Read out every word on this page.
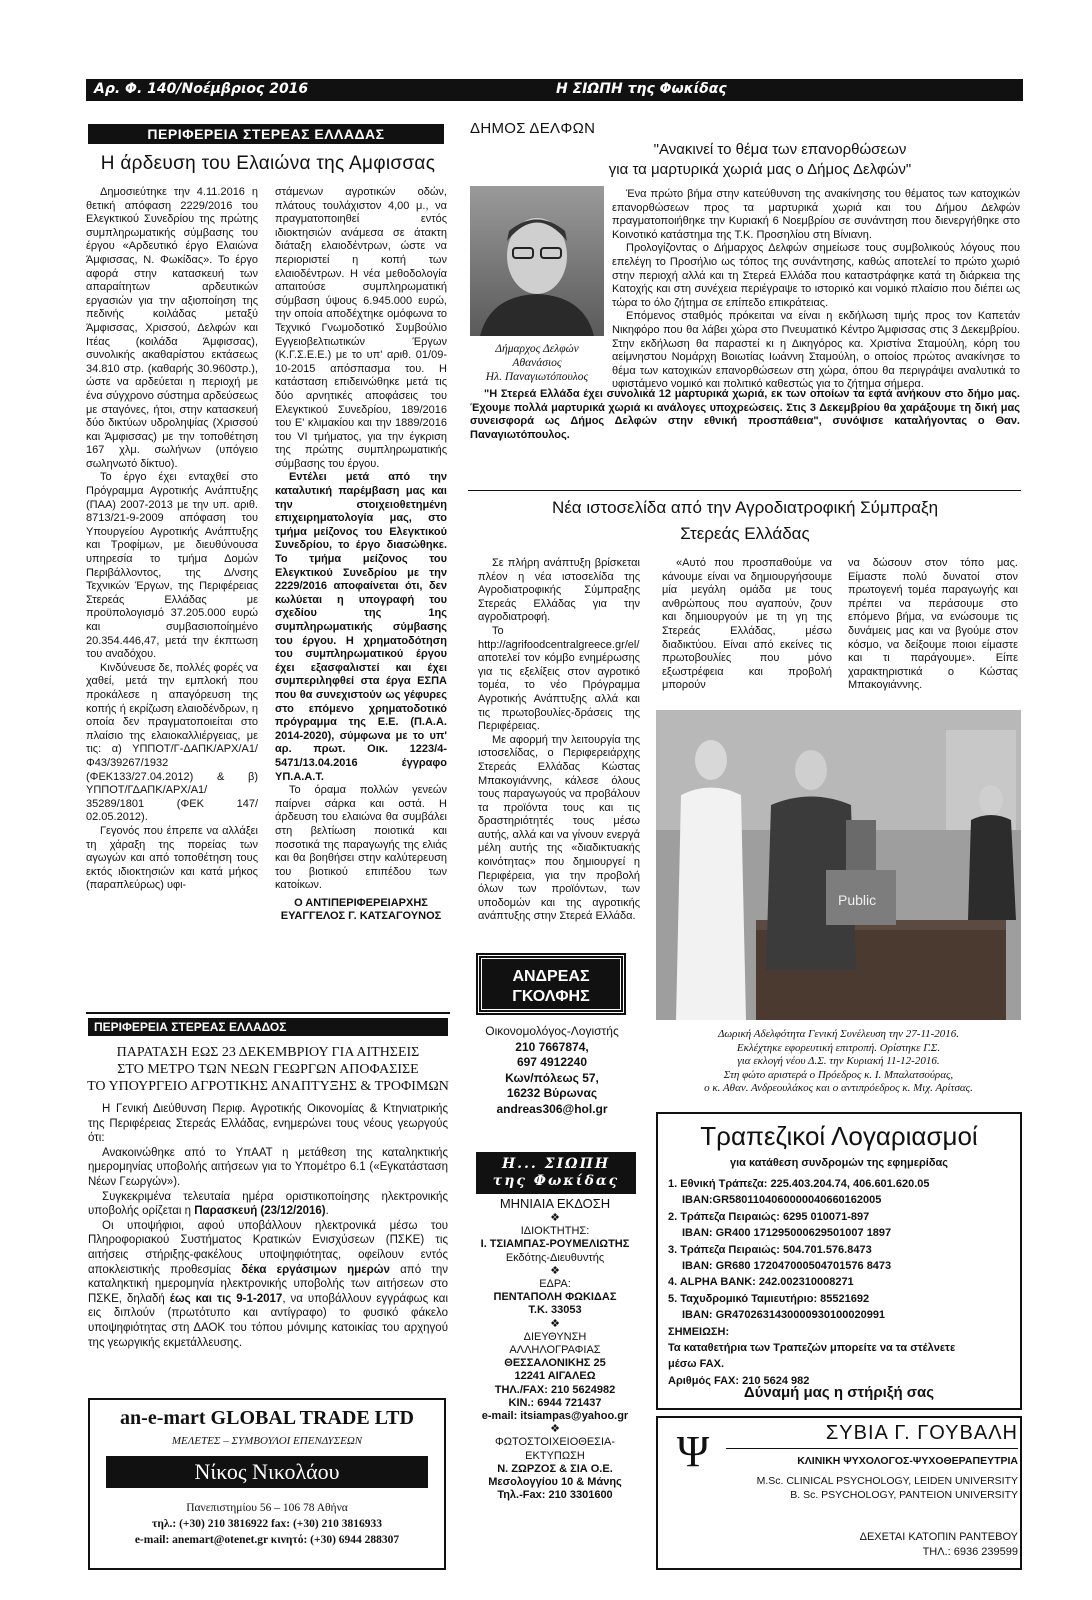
Αρ. Φ. 140/Νοέμβριος 2016	Η ΣΙΩΠΗ της Φωκίδας	5
ΠΕΡΙΦΕΡΕΙΑ ΣΤΕΡΕΑΣ ΕΛΛΑΔΑΣ
Η άρδευση του Ελαιώνα της Αμφισσας

Δημοσιεύτηκε την 4.11.2016 η θετική απόφαση 2229/2016 του Ελεγκτικού Συνεδρίου της πρώτης συμπληρωματικής σύμβασης του έργου «Αρδευτικό έργο Ελαιώνα Άμφισσας, Ν. Φωκίδας». Το έργο αφορά στην κατασκευή των απαραίτητων αρδευτικών εργασιών για την αξιοποίηση της πεδινής κοιλάδας μεταξύ Άμφισσας, Χρισσού, Δελφών και Ιτέας (κοιλάδα Άμφισσας), συνολικής ακαθαρίστου εκτάσεως 34.810 στρ. (καθαρής 30.960στρ.), ώστε να αρδεύεται η περιοχή με ένα σύγχρονο σύστημα αρδεύσεως με σταγόνες, ήτοι, στην κατασκευή δύο δικτύων υδροληψίας (Χρισσού και Άμφισσας) με την τοποθέτηση 167 χλμ. σωλήνων (υπόγειο σωληνωτό δίκτυο).

Το έργο έχει ενταχθεί στο Πρόγραμμα Αγροτικής Ανάπτυξης (ΠΑΑ) 2007-2013 με την υπ. αριθ. 8713/21-9-2009 απόφαση του Υπουργείου Αγροτικής Ανάπτυξης και Τροφίμων, με διευθύνουσα υπηρεσία το τμήμα Δομών Περιβάλλοντος, της Δ/νσης Τεχνικών Έργων, της Περιφέρειας Στερεάς Ελλάδας με προϋπολογισμό 37.205.000 ευρώ και συμβασιοποίημένο 20.354.446,47, μετά την έκπτωση του αναδόχου.

Κινδύνευσε δε, πολλές φορές να χαθεί, μετά την εμπλοκή που προκάλεσε η απαγόρευση της κοπής ή εκρίζωση ελαιοδένδρων, η οποία δεν πραγματοποιείται στο πλαίσιο της ελαιοκαλλιέργειας, με τις: α) ΥΠΠΟΤ/Γ-ΔΑΠΚ/ΑΡΧ/Α1/Φ43/39267/1932 (ΦΕΚ133/27.04.2012) & β) ΥΠΠΟΤ/ΓΔΑΠΚ/ΑΡΧ/Α1/ 35289/1801 (ΦΕΚ 147/ 02.05.2012).

Γεγονός που έπρεπε να αλλάξει τη χάραξη της πορείας των αγωγών και από τοποθέτηση τους εκτός ιδιοκτησιών και κατά μήκος (παραπλεύρως) υφι-

στάμενων αγροτικών οδών, πλάτους τουλάχιστον 4,00 μ., να πραγματοποιηθεί εντός ιδιοκτησιών ανάμεσα σε άτακτη διάταξη ελαιοδέντρων, ώστε να περιοριστεί η κοπή των ελαιοδέντρων. Η νέα μεθοδολογία απαιτούσε συμπληρωματική σύμβαση ύψους 6.945.000 ευρώ, την οποία αποδέχτηκε ομόφωνα το Τεχνικό Γνωμοδοτικό Συμβούλιο Εγγειοβελτιωτικών Έργων (Κ.Γ.Σ.Ε.Ε.) με το υπ' αριθ. 01/09-10-2015 απόσπασμα του. Η κατάσταση επιδεινώθηκε μετά τις δύο αρνητικές αποφάσεις του Ελεγκτικού Συνεδρίου, 189/2016 του Ε' κλιμακίου και την 1889/2016 του VI τμήματος, για την έγκριση της πρώτης συμπληρωματικής σύμβασης του έργου.

Εντέλει μετά από την καταλυτική παρέμβαση μας και την στοιχειοθετημένη επιχειρηματολογία μας, στο τμήμα μείζονος του Ελεγκτικού Συνεδρίου, το έργο διασώθηκε. Το τμήμα μείζονος του Ελεγκτικού Συνεδρίου με την 2229/2016 αποφαίνεται ότι, δεν κωλύεται η υπογραφή του σχεδίου της 1ης συμπληρωματικής σύμβασης του έργου. Η χρηματοδότηση του συμπληρωματικού έργου έχει εξασφαλιστεί και έχει συμπεριληφθεί στα έργα ΕΣΠΑ που θα συνεχιστούν ως γέφυρες στο επόμενο χρηματοδοτικό πρόγραμμα της Ε.Ε. (Π.Α.Α. 2014-2020), σύμφωνα με το υπ' αρ. πρωτ. Οικ. 1223/4-5471/13.04.2016 έγγραφο ΥΠ.Α.Α.Τ.

Το όραμα πολλών γενεών παίρνει σάρκα και οστά. Η άρδευση του ελαιώνα θα συμβάλει στη βελτίωση ποιοτικά και ποσοτικά της παραγωγής της ελιάς και θα βοηθήσει στην καλύτερευση του βιοτικού επιπέδου των κατοίκων.

Ο ΑΝΤΙΠΕΡΙΦΕΡΕΙΑΡΧΗΣ

ΕΥΑΓΓΕΛΟΣ Γ. ΚΑΤΣΑΓΟΥΝΟΣ

ΔΗΜΟΣ ΔΕΛΦΩΝ
"Ανακινεί το θέμα των επανορθώσεων
για τα μαρτυρικά χωριά μας ο Δήμος Δελφών"
Δήμαρχος Δελφών
Αθανάσιος
Ηλ. Παναγιωτόπουλος

Ένα πρώτο βήμα στην κατεύθυνση της ανακίνησης του θέματος των κατοχικών επανορθώσεων προς τα μαρτυρικά χωριά και του Δήμου Δελφών πραγματοποιήθηκε την Κυριακή 6 Νοεμβρίου σε συνάντηση που διενεργήθηκε στο Κοινοτικό κατάστημα της Τ.Κ. Προσηλίου στη Βίνιανη.

Προλογίζοντας ο Δήμαρχος Δελφών σημείωσε τους συμβολικούς λόγους που επελέγη το Προσήλιο ως τόπος της συνάντησης, καθώς αποτελεί το πρώτο χωριό στην περιοχή αλλά και τη Στερεά Ελλάδα που καταστράφηκε κατά τη διάρκεια της Κατοχής και στη συνέχεια περιέγραψε το ιστορικό και νομικό πλαίσιο που διέπει ως τώρα το όλο ζήτημα σε επίπεδο επικράτειας.

Επόμενος σταθμός πρόκειται να είναι η εκδήλωση τιμής προς τον Καπετάν Νικηφόρο που θα λάβει χώρα στο Πνευματικό Κέντρο Άμφισσας στις 3 Δεκεμβρίου. Στην εκδήλωση θα παραστεί κι η Δικηγόρος κα. Χριστίνα Σταμούλη, κόρη του αείμνηστου Νομάρχη Βοιωτίας Ιωάννη Σταμούλη, ο οποίος πρώτος ανακίνησε το θέμα των κατοχικών επανορθώσεων στη χώρα, όπου θα περιγράψει αναλυτικά το υφιστάμενο νομικό και πολιτικό καθεστώς για το ζήτημα σήμερα.

"Η Στερεά Ελλάδα έχει συνολικά 12 μαρτυρικά χωριά, εκ των οποίων τα εφτά ανήκουν στο δήμο μας. Έχουμε πολλά μαρτυρικά χωριά κι ανάλογες υποχρεώσεις. Στις 3 Δεκεμβρίου θα χαράξουμε τη δική μας συνεισφορά ως Δήμος Δελφών στην εθνική προσπάθεια", συνόψισε καταλήγοντας ο Θαν. Παναγιωτόπουλος.

Νέα ιστοσελίδα από την Αγροδιατροφική Σύμπραξη
Στερεάς Ελλάδας

Σε πλήρη ανάπτυξη βρίσκεται πλέον η νέα ιστοσελίδα της Αγροδιατροφικής Σύμπραξης Στερεάς Ελλάδας για την αγροδιατροφή.

Το http://agrifoodcentralgreece.gr/el/ αποτελεί τον κόμβο ενημέρωσης για τις εξελίξεις στον αγροτικό τομέα, το νέο Πρόγραμμα Αγροτικής Ανάπτυξης αλλά και τις πρωτοβουλίες-δράσεις της Περιφέρειας.

Με αφορμή την λειτουργία της ιστοσελίδας, ο Περιφερειάρχης Στερεάς Ελλάδας Κώστας Μπακογιάννης, κάλεσε όλους τους παραγωγούς να προβάλουν τα προϊόντα τους και τις δραστηριότητές τους μέσω αυτής, αλλά και να γίνουν ενεργά μέλη αυτής της «διαδικτυακής κοινότητας» που δημιουργεί η Περιφέρεια, για την προβολή όλων των προϊόντων, των υποδομών και της αγροτικής ανάπτυξης στην Στερεά Ελλάδα.

«Αυτό που προσπαθούμε να κάνουμε είναι να δημιουργήσουμε μία μεγάλη ομάδα με τους ανθρώπους που αγαπούν, ζουν και δημιουργούν με τη γη της Στερεάς Ελλάδας, μέσω διαδικτύου. Είναι από εκείνες τις πρωτοβουλίες που μόνο εξωστρέφεια και προβολή μπορούν

να δώσουν στον τόπο μας. Είμαστε πολύ δυνατοί στον πρωτογενή τομέα παραγωγής και πρέπει να περάσουμε στο επόμενο βήμα, να ενώσουμε τις δυνάμεις μας και να βγούμε στον κόσμο, να δείξουμε ποιοι είμαστε και τι παράγουμε». Είπε χαρακτηριστικά ο Κώστας Μπακογιάννης.

Public
Δωρική Αδελφότητα Γενική Συνέλευση την 27-11-2016.
Εκλέχτηκε εφορευτική επιτροπή. Ορίστηκε Γ.Σ.
για εκλογή νέου Δ.Σ. την Κυριακή 11-12-2016.
Στη φώτο αριστερά ο Πρόεδρος κ. Ι. Μπαλατσούρας,
ο κ. Αθαν. Ανδρεουλάκος και ο αντιπρόεδρος κ. Μιχ. Αρίτσας.
ΠΕΡΙΦΕΡΕΙΑ ΣΤΕΡΕΑΣ ΕΛΛΑΔΟΣ
ΠΑΡΑΤΑΣΗ ΕΩΣ 23 ΔΕΚΕΜΒΡΙΟΥ ΓΙΑ ΑΙΤΗΣΕΙΣ
ΣΤΟ ΜΕΤΡΟ ΤΩΝ ΝΕΩΝ ΓΕΩΡΓΩΝ ΑΠΟΦΑΣΙΣΕ
ΤΟ ΥΠΟΥΡΓΕΙΟ ΑΓΡΟΤΙΚΗΣ ΑΝΑΠΤΥΞΗΣ & ΤΡΟΦΙΜΩΝ

Η Γενική Διεύθυνση Περιφ. Αγροτικής Οικονομίας & Κτηνιατρικής της Περιφέρειας Στερεάς Ελλάδας, ενημερώνει τους νέους γεωργούς ότι:

Ανακοινώθηκε από το ΥπΑΑΤ η μετάθεση της καταληκτικής ημερομηνίας υποβολής αιτήσεων για το Υπομέτρο 6.1 («Εγκατάσταση Νέων Γεωργών»).

Συγκεκριμένα τελευταία ημέρα οριστικοποίησης ηλεκτρονικής υποβολής ορίζεται η Παρασκευή (23/12/2016).

Οι υποψήφιοι, αφού υποβάλλουν ηλεκτρονικά μέσω του Πληροφοριακού Συστήματος Κρατικών Ενισχύσεων (ΠΣΚΕ) τις αιτήσεις στήριξης-φακέλους υποψηφιότητας, οφείλουν εντός αποκλειστικής προθεσμίας δέκα εργάσιμων ημερών από την καταληκτική ημερομηνία ηλεκτρονικής υποβολής των αιτήσεων στο ΠΣΚΕ, δηλαδή έως και τις 9-1-2017, να υποβάλλουν εγγράφως και εις διπλούν (πρωτότυπο και αντίγραφο) το φυσικό φάκελο υποψηφιότητας στη ΔΑΟΚ του τόπου μόνιμης κατοικίας του αρχηγού της γεωργικής εκμετάλλευσης.

an-e-mart GLOBAL TRADE LTD
ΜΕΛΕΤΕΣ – ΣΥΜΒΟΥΛΟΙ ΕΠΕΝΔΥΣΕΩΝ
Νίκος Νικολάου
Πανεπιστημίου 56 – 106 78 Αθήνα
τηλ.: (+30) 210 3816922 fax: (+30) 210 3816933
e-mail: anemart@otenet.gr κινητό: (+30) 6944 288307
ΑΝΔΡΕΑΣ ΓΚΟΛΦΗΣ
Οικονομολόγος-Λογιστής
210 7667874,
697 4912240
Κων/πόλεως 57,
16232 Βύρωνας
andreas306@hol.gr
Η... ΣΙΩΠΗ
της Φωκίδας
ΜΗΝΙΑΙΑ ΕΚΔΟΣΗ
❖
ΙΔΙΟΚΤΗΤΗΣ:
Ι. ΤΣΙΑΜΠΑΣ-ΡΟΥΜΕΛΙΩΤΗΣ
Εκδότης-Διευθυντής
❖
ΕΔΡΑ:
ΠΕΝΤΑΠΟΛΗ ΦΩΚΙΔΑΣ
Τ.Κ. 33053
❖
ΔΙΕΥΘΥΝΣΗ ΑΛΛΗΛΟΓΡΑΦΙΑΣ
ΘΕΣΣΑΛΟΝΙΚΗΣ 25
12241 ΑΙΓΑΛΕΩ
ΤΗΛ./FAX: 210 5624982
ΚΙΝ.: 6944 721437
e-mail: itsiampas@yahoo.gr
❖
ΦΩΤΟΣΤΟΙΧΕΙΟΘΕΣΙΑ-ΕΚΤΥΠΩΣΗ
Ν. ΖΩΡΖΟΣ & ΣΙΑ Ο.Ε.
Μεσολογγίου 10 & Μάνης
Τηλ.-Fax: 210 3301600
Τραπεζικοί Λογαριασμοί
για κατάθεση συνδρομών της εφημερίδας
1. Εθνική Τράπεζα: 225.403.204.74, 406.601.620.05
IBAN:GR5801104060000040660162005
2. Τράπεζα Πειραιώς: 6295 010071-897
IBAN: GR400 171295000629501007 1897
3. Τράπεζα Πειραιώς: 504.701.576.8473
IBAN: GR680 172047000504701576 8473
4. ALPHA BANK: 242.002310008271
5. Ταχυδρομικό Ταμιευτήριο: 85521692
IBAN: GR4702631430000930100020991
ΣΗΜΕΙΩΣΗ:
Τα καταθετήρια των Τραπεζών μπορείτε να τα στέλνετε μέσω FAX.
Αριθμός FAX: 210 5624 982
Δύναμή μας η στήριξή σας
Ψ	ΣΥΒΙΑ Γ. ΓΟΥΒΑΛΗ
ΚΛΙΝΙΚΗ ΨΥΧΟΛΟΓΟΣ-ΨΥΧΟΘΕΡΑΠΕΥΤΡΙΑ
M.Sc. CLINICAL PSYCHOLOGY, LEIDEN UNIVERSITY
B. Sc. PSYCHOLOGY, PANTEION UNIVERSITY
ΔΕΧΕΤΑΙ ΚΑΤΟΠΙΝ ΡΑΝΤΕΒΟΥ
ΤΗΛ.: 6936 239599
